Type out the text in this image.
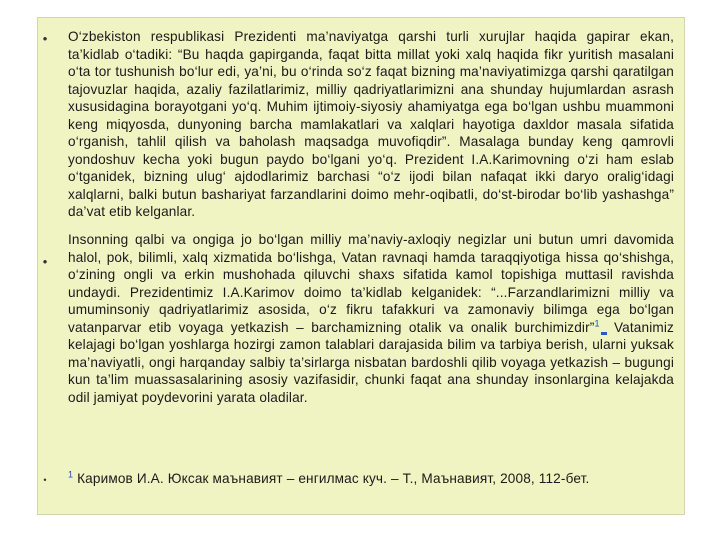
• O‘zbekiston respublikasi Prezidenti ma’naviyatga qarshi turli xurujlar haqida gapirar ekan, ta’kidlab o‘tadiki: “Bu haqda gapirganda, faqat bitta millat yoki xalq haqida fikr yuritish masalani o‘ta tor tushunish bo‘lur edi, ya’ni, bu o‘rinda so‘z faqat bizning ma’naviyatimizga qarshi qaratilgan tajovuzlar haqida, azaliy fazilatlarimiz, milliy qadriyatlarimizni ana shunday hujumlardan asrash xususidagina borayotgani yo‘q. Muhim ijtimoiy-siyosiy ahamiyatga ega bo‘lgan ushbu muammoni keng miqyosda, dunyoning barcha mamlakatlari va xalqlari hayotiga daxldor masala sifatida o‘rganish, tahlil qilish va baholash maqsadga muvofiqdir”. Masalaga bunday keng qamrovli yondoshuv kecha yoki bugun paydo bo‘lgani yo‘q. Prezident I.A.Karimovning o‘zi ham eslab o‘tganidek, bizning ulug‘ ajdodlarimiz barchasi “o‘z ijodi bilan nafaqat ikki daryo oralig‘idagi xalqlarni, balki butun bashariyat farzandlarini doimo mehr-oqibatli, do‘st-birodar bo‘lib yashashga” da’vat etib kelganlar.

•

Insonning qalbi va ongiga jo bo‘lgan milliy ma’naviy-axloqiy negizlar uni butun umri davomida halol, pok, bilimli, xalq xizmatida bo‘lishga, Vatan ravnaqi hamda taraqqiyotiga hissa qo‘shishga, o‘zining ongli va erkin mushohada qiluvchi shaxs sifatida kamol topishiga muttasil ravishda undaydi. Prezidentimiz I.A.Karimov doimo ta’kidlab kelganidek: “...Farzandlarimizni milliy va umuminsoniy qadriyatlarimiz asosida, o‘z fikru tafakkuri va zamonaviy bilimga ega bo‘lgan vatanparvar etib voyaga yetkazish – barchamizning otalik va onalik burchimizdir”$^1$ Vatanimiz kelajagi bo‘lgan yoshlarga hozirgi zamon talablari darajasida bilim va tarbiya berish, ularni yuksak ma’naviyatli, ongi harqanday salbiy ta’sirlarga nisbatan bardoshli qilib voyaga yetkazish – bugungi kun ta’lim muassasalarining asosiy vazifasidir, chunki faqat ana shunday insonlargina kelajakda odil jamiyat poydevorini yarata oladilar.

•

$^1$ Каримов И.А. Юксак маънавият – енгилмас куч. – Т., Маънавият, 2008, 112-бет.
